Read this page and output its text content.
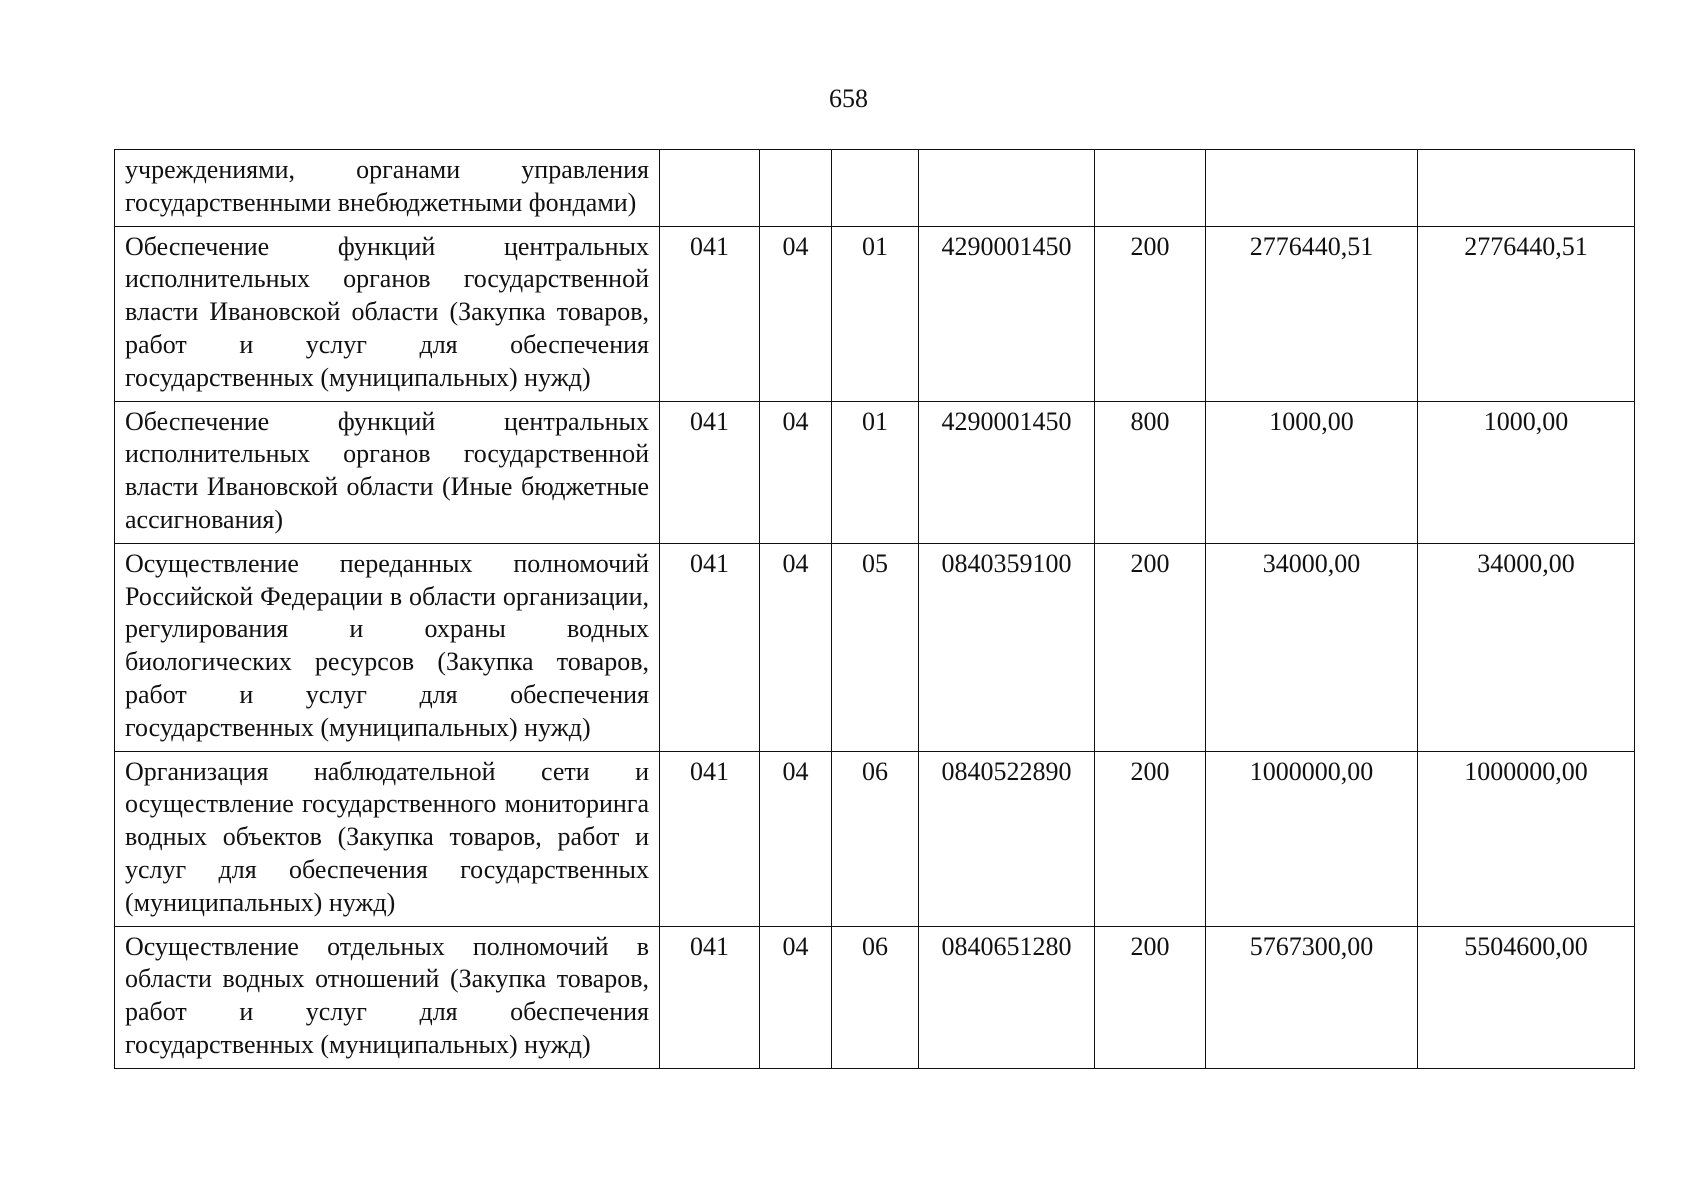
658
учреждениями, органами управления государственными внебюджетными фондами)							
Обеспечение функций центральных исполнительных органов государственной власти Ивановской области (Закупка товаров, работ и услуг для обеспечения государственных (муниципальных) нужд)	041	04	01	4290001450	200	2776440,51	2776440,51
Обеспечение функций центральных исполнительных органов государственной власти Ивановской области (Иные бюджетные ассигнования)	041	04	01	4290001450	800	1000,00	1000,00
Осуществление переданных полномочий Российской Федерации в области организации, регулирования и охраны водных биологических ресурсов (Закупка товаров, работ и услуг для обеспечения государственных (муниципальных) нужд)	041	04	05	0840359100	200	34000,00	34000,00
Организация наблюдательной сети и осуществление государственного мониторинга водных объектов (Закупка товаров, работ и услуг для обеспечения государственных (муниципальных) нужд)	041	04	06	0840522890	200	1000000,00	1000000,00
Осуществление отдельных полномочий в области водных отношений (Закупка товаров, работ и услуг для обеспечения государственных (муниципальных) нужд)	041	04	06	0840651280	200	5767300,00	5504600,00
